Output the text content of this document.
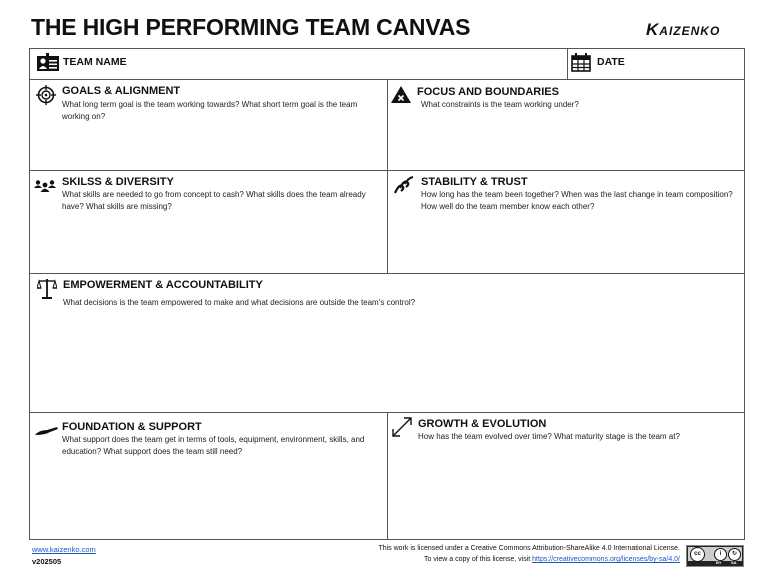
THE HIGH PERFORMING TEAM CANVAS	Kaizenko
TEAM NAME	DATE
GOALS & ALIGNMENT
What long term goal is the team working towards? What short term goal is the team working on?
FOCUS AND BOUNDARIES
What constraints is the team working under?
SKILSS & DIVERSITY
What skills are needed to go from concept to cash? What skills does the team already have? What skills are missing?
STABILITY & TRUST
How long has the team been together? When was the last change in team composition? How well do the team member know each other?
EMPOWERMENT & ACCOUNTABILITY
What decisions is the team empowered to make and what decisions are outside the team’s control?
FOUNDATION & SUPPORT
What support does the team get in terms of tools, equipment, environment, skills, and education? What support does the team still need?
GROWTH & EVOLUTION
How has the team evolved over time? What maturity stage is the team at?
www.kaizenko.com
v202505
This work is licensed under a Creative Commons Attribution-ShareAlike 4.0 International License.
To view a copy of this license, visit https://creativecommons.org/licenses/by-sa/4.0/
cc	i	↻
BY SA
